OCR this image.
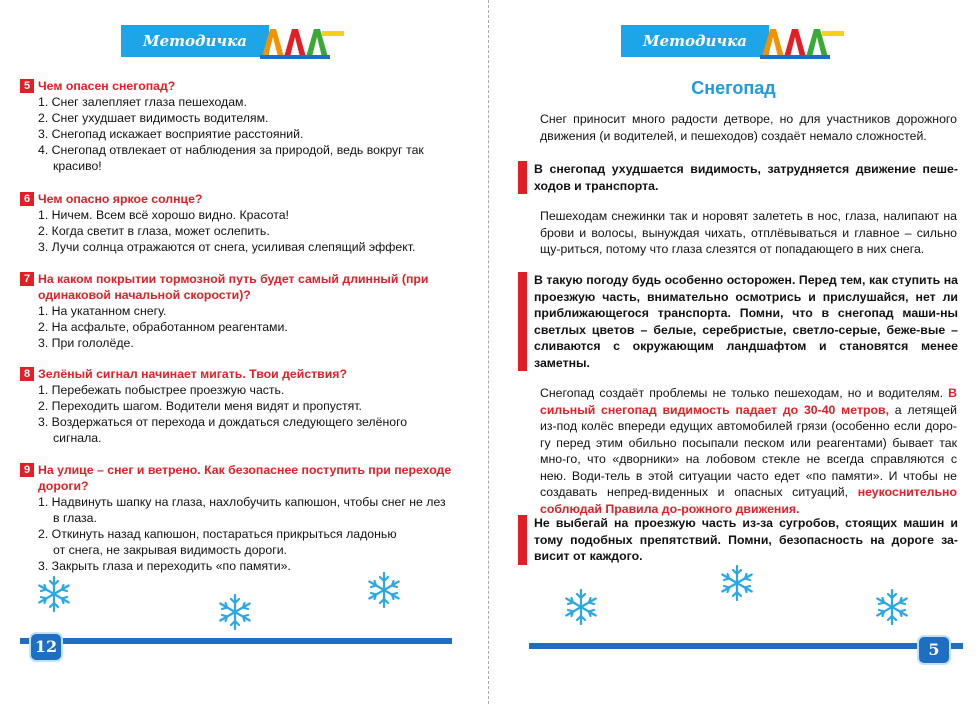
Методичка
5 Чем опасен снегопад?
1. Снег залепляет глаза пешеходам.
2. Снег ухудшает видимость водителям.
3. Снегопад искажает восприятие расстояний.
4. Снегопад отвлекает от наблюдения за природой, ведь вокруг так
красиво!
6 Чем опасно яркое солнце?
1. Ничем. Всем всё хорошо видно. Красота!
2. Когда светит в глаза, может ослепить.
3. Лучи солнца отражаются от снега, усиливая слепящий эффект.
7 На каком покрытии тормозной путь будет самый длинный (при одинаковой начальной скорости)?
1. На укатанном снегу.
2. На асфальте, обработанном реагентами.
3. При гололёде.
8 Зелёный сигнал начинает мигать. Твои действия?
1. Перебежать побыстрее проезжую часть.
2. Переходить шагом. Водители меня видят и пропустят.
3. Воздержаться от перехода и дождаться следующего зелёного
сигнала.
9 На улице – снег и ветрено. Как безопаснее поступить при переходе дороги?
1. Надвинуть шапку на глаза, нахлобучить капюшон, чтобы снег не лез
в глаза.
2. Откинуть назад капюшон, постараться прикрыться ладонью
от снега, не закрывая видимость дороги.
3. Закрыть глаза и переходить «по памяти».
12
Методичка
Снегопад
Снег приносит много радости детворе, но для участников дорожного движения (и водителей, и пешеходов) создаёт немало сложностей.
В снегопад ухудшается видимость, затрудняется движение пеше-ходов и транспорта.
Пешеходам снежинки так и норовят залететь в нос, глаза, налипают на брови и волосы, вынуждая чихать, отплёвываться и главное – сильно щу-риться, потому что глаза слезятся от попадающего в них снега.
В такую погоду будь особенно осторожен. Перед тем, как ступить на проезжую часть, внимательно осмотрись и прислушайся, нет ли приближающегося транспорта. Помни, что в снегопад маши-ны светлых цветов – белые, серебристые, светло-серые, беже-вые – сливаются с окружающим ландшафтом и становятся менее заметны.
Снегопад создаёт проблемы не только пешеходам, но и водителям. В сильный снегопад видимость падает до 30-40 метров, а летящей из-под колёс впереди едущих автомобилей грязи (особенно если доро-гу перед этим обильно посыпали песком или реагентами) бывает так мно-го, что «дворники» на лобовом стекле не всегда справляются с нею. Води-тель в этой ситуации часто едет «по памяти». И чтобы не создавать непред-виденных и опасных ситуаций, неукоснительно соблюдай Правила до-рожного движения.
Не выбегай на проезжую часть из-за сугробов, стоящих машин и тому подобных препятствий. Помни, безопасность на дороге за-висит от каждого.
5
